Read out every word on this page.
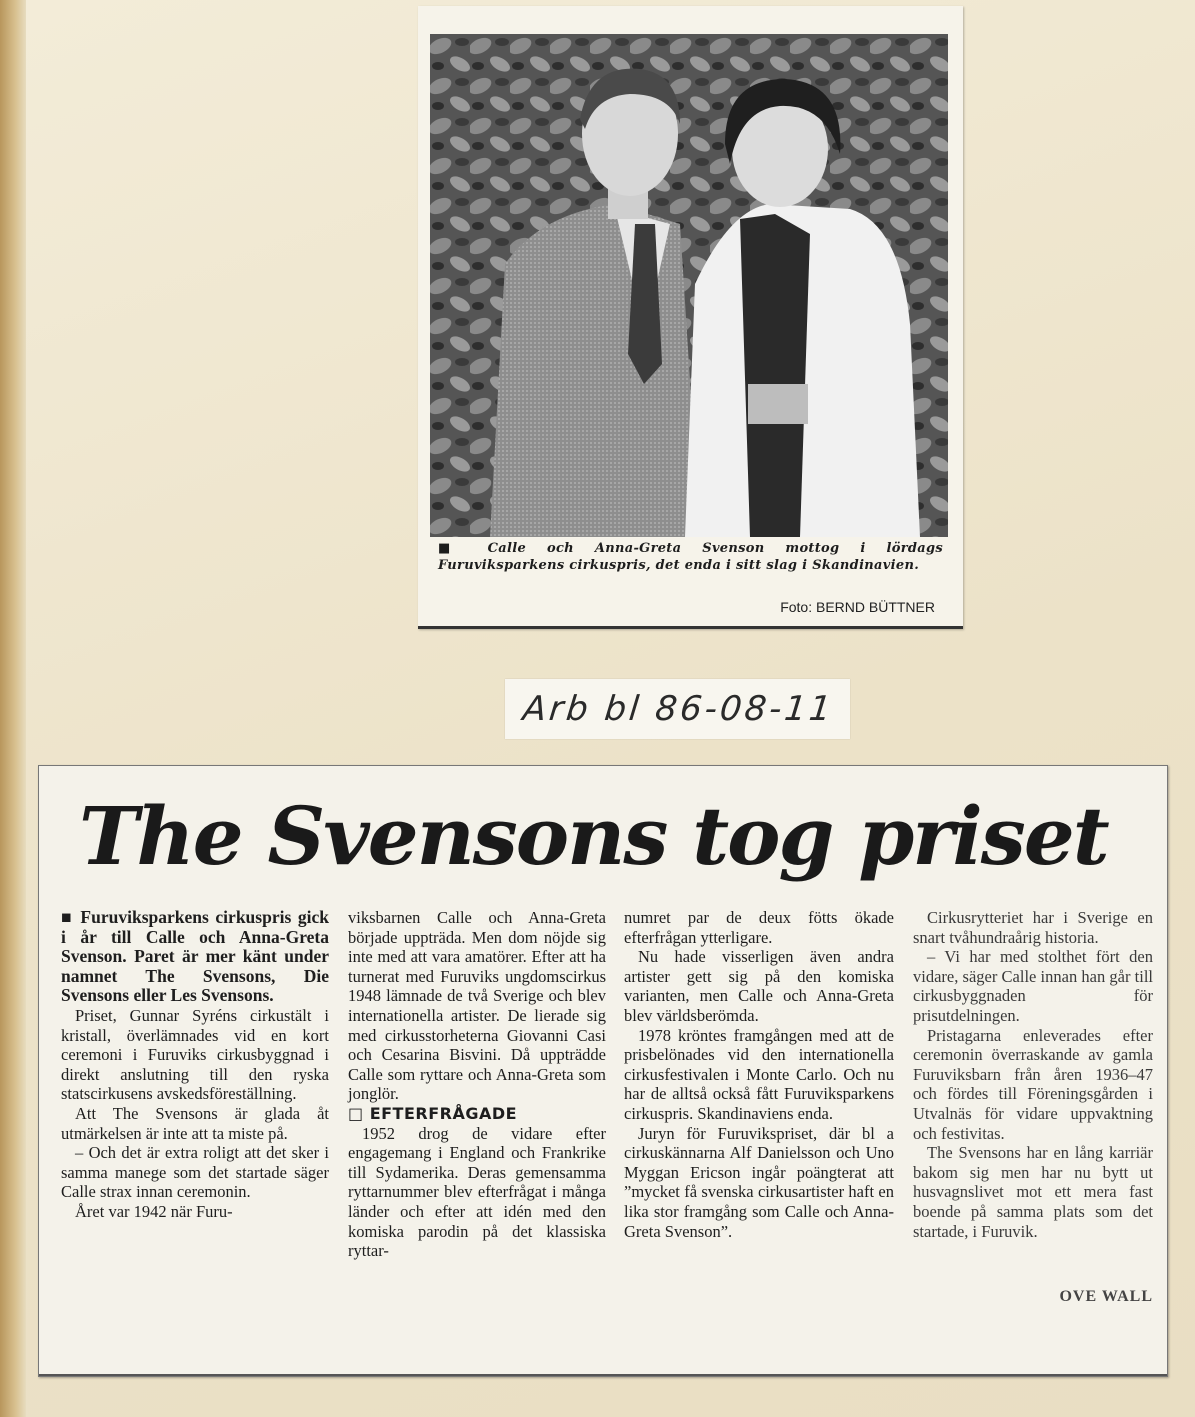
■ Calle och Anna-Greta Svenson mottog i lördags Furuviksparkens cirkuspris, det enda i sitt slag i Skandinavien.
Foto: BERND BÜTTNER
Arb bl 86-08-11
The Svensons tog priset

■ Furuviksparkens cirkuspris gick i år till Calle och Anna-Greta Svenson. Paret är mer känt under namnet The Svensons, Die Svensons eller Les Svensons.

Priset, Gunnar Syréns cirkustält i kristall, överlämnades vid en kort ceremoni i Furuviks cirkusbyggnad i direkt anslutning till den ryska statscirkusens avskedsföreställning.

Att The Svensons är glada åt utmärkelsen är inte att ta miste på.

– Och det är extra roligt att det sker i samma manege som det startade säger Calle strax innan ceremonin.

Året var 1942 när Furu-

viksbarnen Calle och Anna-Greta började uppträda. Men dom nöjde sig inte med att vara amatörer. Efter att ha turnerat med Furuviks ungdomscirkus 1948 lämnade de två Sverige och blev internationella artister. De lierade sig med cirkusstorheterna Giovanni Casi och Cesarina Bisvini. Då uppträdde Calle som ryttare och Anna-Greta som jonglör.

□ EFTERFRÅGADE

1952 drog de vidare efter engagemang i England och Frankrike till Sydamerika. Deras gemensamma ryttarnummer blev efterfrågat i många länder och efter att idén med den komiska parodin på det klassiska ryttar-

numret par de deux fötts ökade efterfrågan ytterligare.

Nu hade visserligen även andra artister gett sig på den komiska varianten, men Calle och Anna-Greta blev världsberömda.

1978 kröntes framgången med att de prisbelönades vid den internationella cirkusfestivalen i Monte Carlo. Och nu har de alltså också fått Furuviksparkens cirkuspris. Skandinaviens enda.

Juryn för Furuvikspriset, där bl a cirkuskännarna Alf Danielsson och Uno Myggan Ericson ingår poängterat att ”mycket få svenska cirkusartister haft en lika stor framgång som Calle och Anna-Greta Svenson”.

Cirkusrytteriet har i Sverige en snart tvåhundraårig historia.

– Vi har med stolthet fört den vidare, säger Calle innan han går till cirkusbyggnaden för prisutdelningen.

Pristagarna enleverades efter ceremonin överraskande av gamla Furuviksbarn från åren 1936–47 och fördes till Föreningsgården i Utvalnäs för vidare uppvaktning och festivitas.

The Svensons har en lång karriär bakom sig men har nu bytt ut husvagnslivet mot ett mera fast boende på samma plats som det startade, i Furuvik.

OVE WALL
